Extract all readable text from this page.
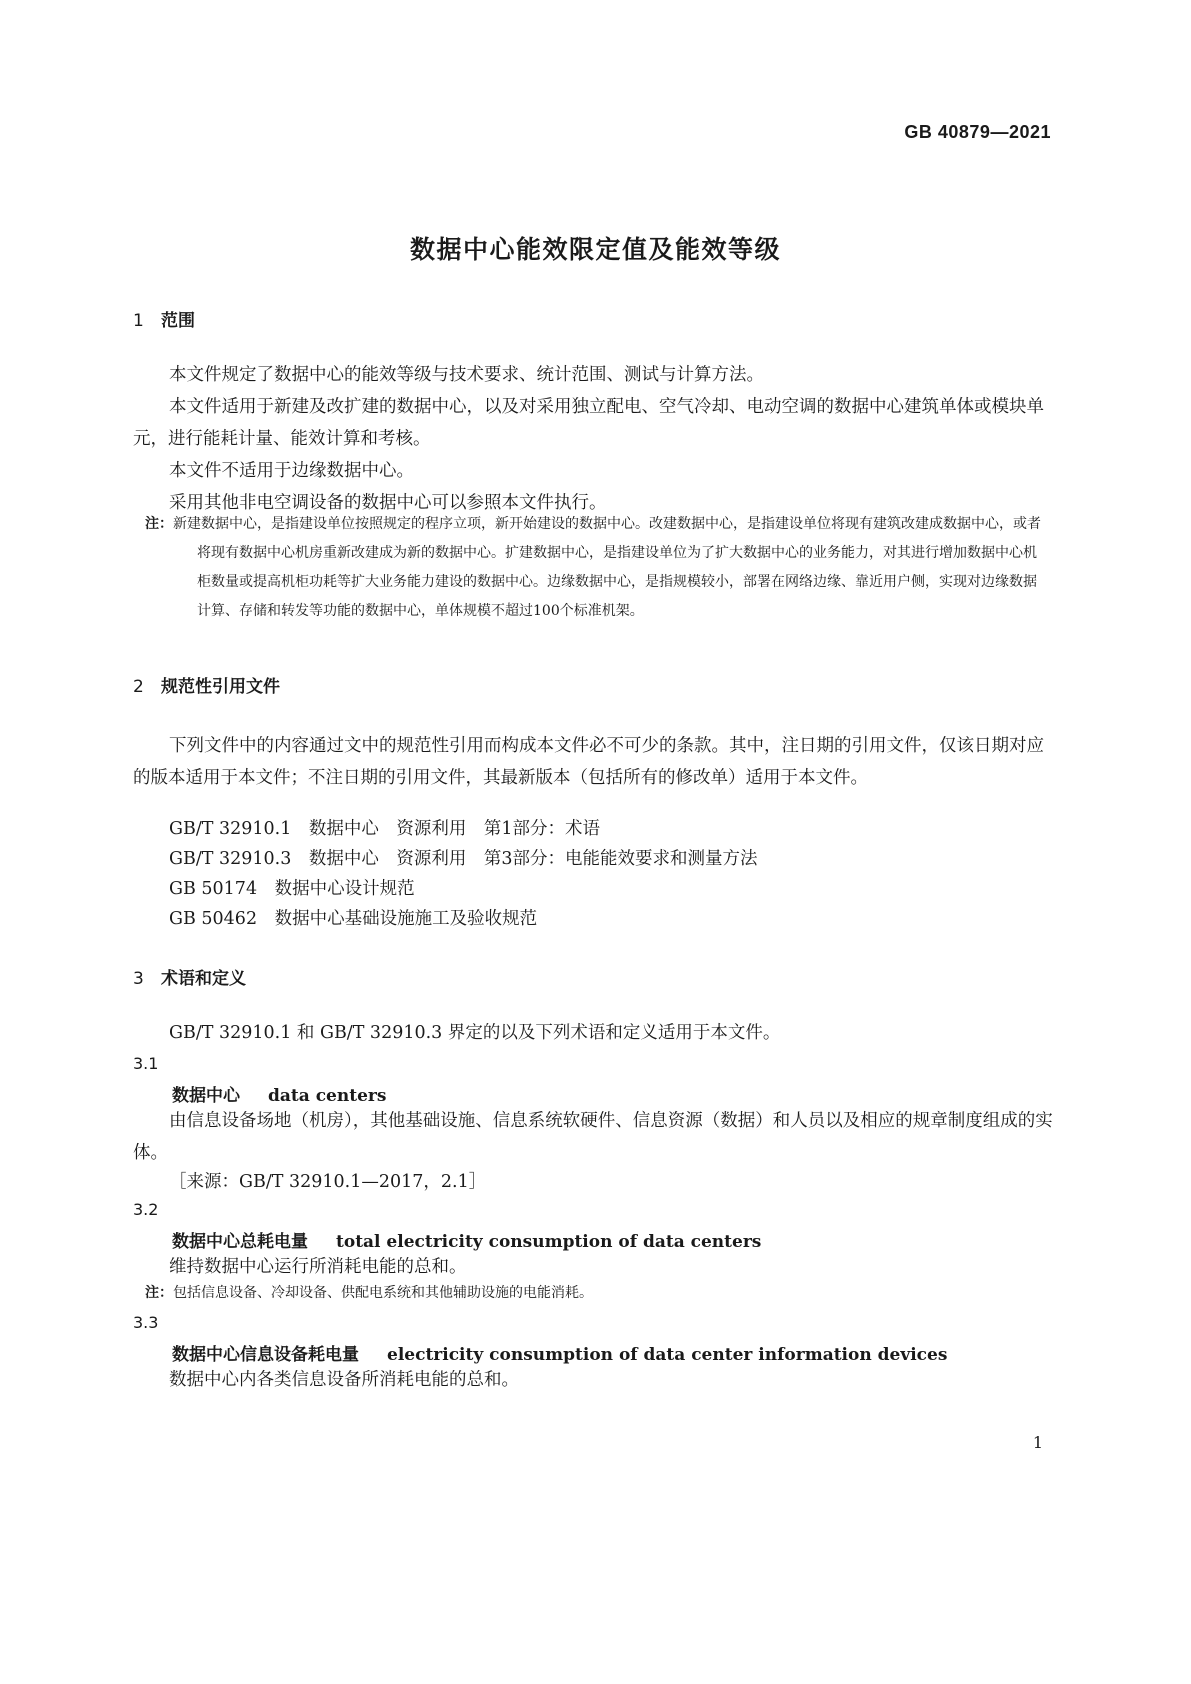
GB 40879—2021
数据中心能效限定值及能效等级
1 范围
本文件规定了数据中心的能效等级与技术要求、统计范围、测试与计算方法。
本文件适用于新建及改扩建的数据中心，以及对采用独立配电、空气冷却、电动空调的数据中心建筑单体或模块单元，进行能耗计量、能效计算和考核。
本文件不适用于边缘数据中心。
采用其他非电空调设备的数据中心可以参照本文件执行。
注：新建数据中心，是指建设单位按照规定的程序立项，新开始建设的数据中心。改建数据中心，是指建设单位将现有建筑改建成数据中心，或者将现有数据中心机房重新改建成为新的数据中心。扩建数据中心，是指建设单位为了扩大数据中心的业务能力，对其进行增加数据中心机柜数量或提高机柜功耗等扩大业务能力建设的数据中心。边缘数据中心，是指规模较小，部署在网络边缘、靠近用户侧，实现对边缘数据计算、存储和转发等功能的数据中心，单体规模不超过100个标准机架。
2 规范性引用文件
下列文件中的内容通过文中的规范性引用而构成本文件必不可少的条款。其中，注日期的引用文件，仅该日期对应的版本适用于本文件；不注日期的引用文件，其最新版本（包括所有的修改单）适用于本文件。
GB/T 32910.1　数据中心　资源利用　第1部分：术语
GB/T 32910.3　数据中心　资源利用　第3部分：电能能效要求和测量方法
GB 50174　数据中心设计规范
GB 50462　数据中心基础设施施工及验收规范
3 术语和定义
GB/T 32910.1 和 GB/T 32910.3 界定的以及下列术语和定义适用于本文件。
3.1
数据中心 data centers
由信息设备场地（机房），其他基础设施、信息系统软硬件、信息资源（数据）和人员以及相应的规章制度组成的实体。
［来源：GB/T 32910.1—2017，2.1］
3.2
数据中心总耗电量 total electricity consumption of data centers
维持数据中心运行所消耗电能的总和。
注：包括信息设备、冷却设备、供配电系统和其他辅助设施的电能消耗。
3.3
数据中心信息设备耗电量 electricity consumption of data center information devices
数据中心内各类信息设备所消耗电能的总和。
1
